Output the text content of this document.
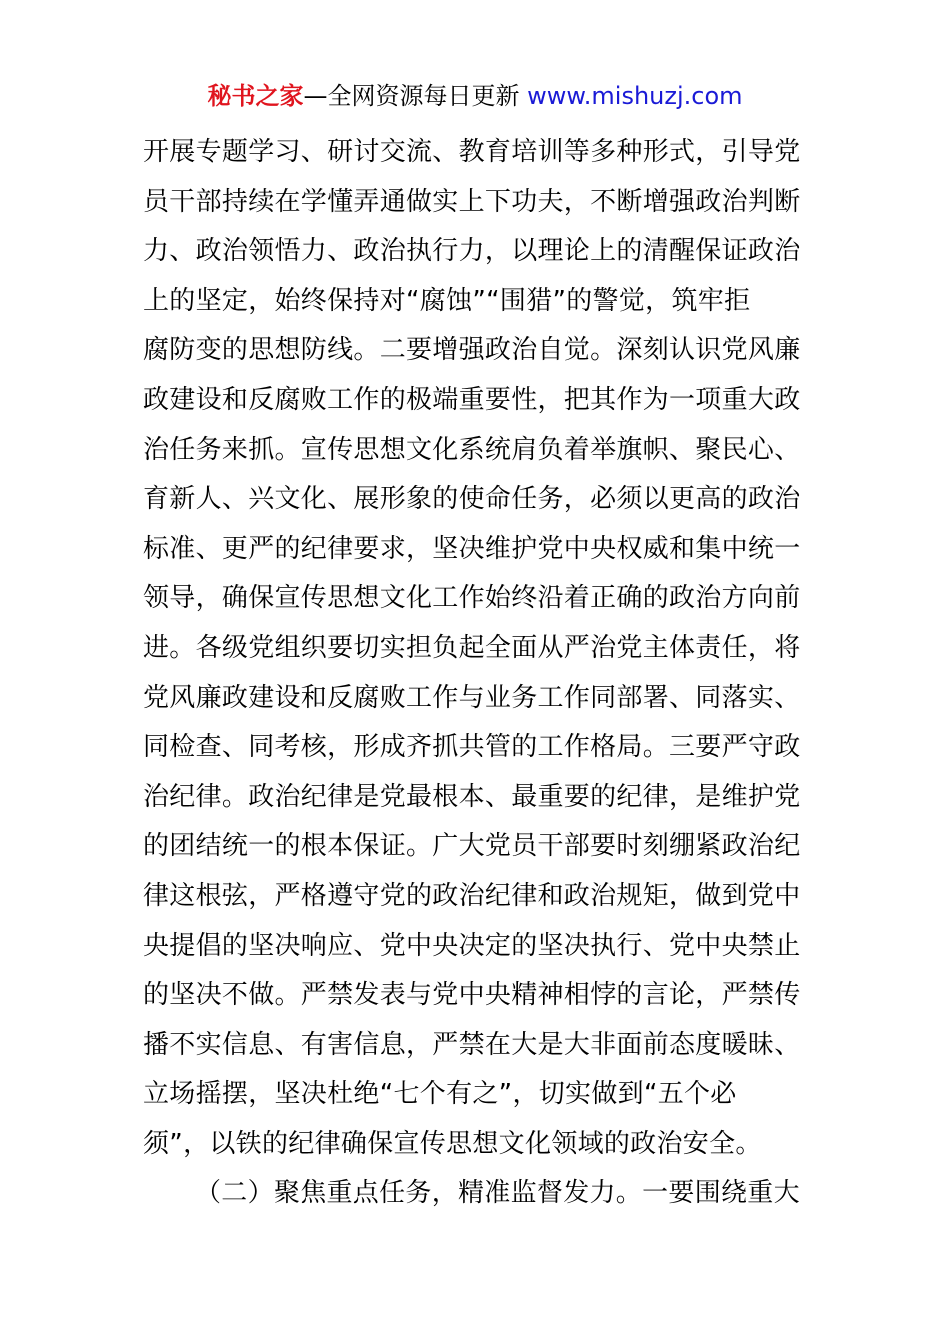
秘书之家—全网资源每日更新 www.mishuzj.com
开展专题学习、研讨交流、教育培训等多种形式，引导党
员干部持续在学懂弄通做实上下功夫，不断增强政治判断
力、政治领悟力、政治执行力，以理论上的清醒保证政治
上的坚定，始终保持对“腐蚀”“围猎”的警觉，筑牢拒
腐防变的思想防线。二要增强政治自觉。深刻认识党风廉
政建设和反腐败工作的极端重要性，把其作为一项重大政
治任务来抓。宣传思想文化系统肩负着举旗帜、聚民心、
育新人、兴文化、展形象的使命任务，必须以更高的政治
标准、更严的纪律要求，坚决维护党中央权威和集中统一
领导，确保宣传思想文化工作始终沿着正确的政治方向前
进。各级党组织要切实担负起全面从严治党主体责任，将
党风廉政建设和反腐败工作与业务工作同部署、同落实、
同检查、同考核，形成齐抓共管的工作格局。三要严守政
治纪律。政治纪律是党最根本、最重要的纪律，是维护党
的团结统一的根本保证。广大党员干部要时刻绷紧政治纪
律这根弦，严格遵守党的政治纪律和政治规矩，做到党中
央提倡的坚决响应、党中央决定的坚决执行、党中央禁止
的坚决不做。严禁发表与党中央精神相悖的言论，严禁传
播不实信息、有害信息，严禁在大是大非面前态度暖昧、
立场摇摆，坚决杜绝“七个有之”，切实做到“五个必
须”，以铁的纪律确保宣传思想文化领域的政治安全。
（二）聚焦重点任务，精准监督发力。一要围绕重大
